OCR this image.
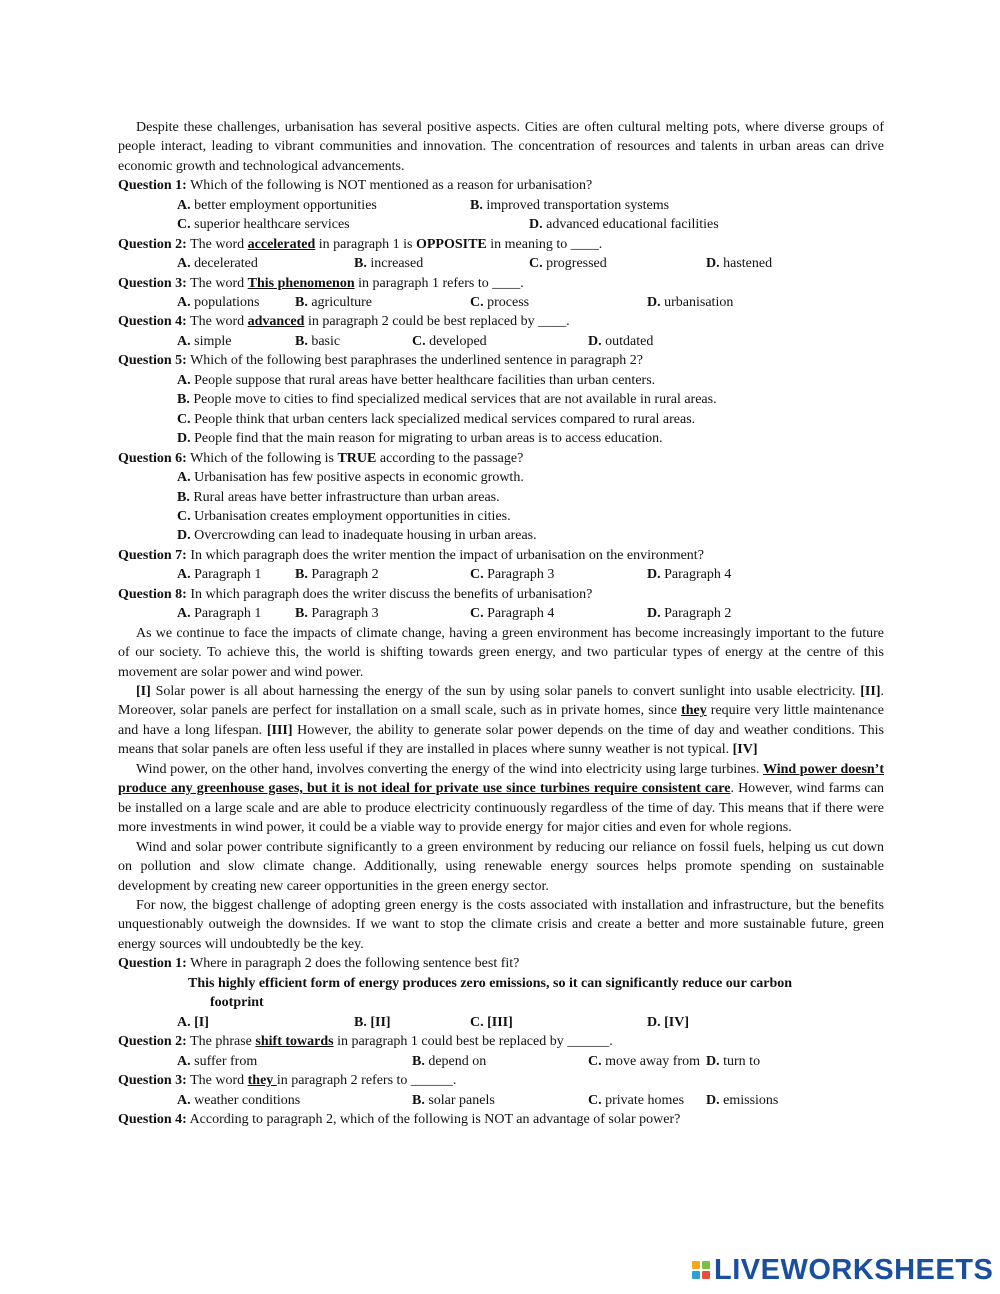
Despite these challenges, urbanisation has several positive aspects. Cities are often cultural melting pots, where diverse groups of people interact, leading to vibrant communities and innovation. The concentration of resources and talents in urban areas can drive economic growth and technological advancements.

Question 1: Which of the following is NOT mentioned as a reason for urbanisation?

A. better employment opportunities	B. improved transportation systems
C. superior healthcare services	D. advanced educational facilities

Question 2: The word accelerated in paragraph 1 is OPPOSITE in meaning to ____.

A. decelerated	B. increased	C. progressed	D. hastened

Question 3: The word This phenomenon in paragraph 1 refers to ____.

A. populations	B. agriculture	C. process	D. urbanisation

Question 4: The word advanced in paragraph 2 could be best replaced by ____.

A. simple	B. basic	C. developed	D. outdated

Question 5: Which of the following best paraphrases the underlined sentence in paragraph 2?

A. People suppose that rural areas have better healthcare facilities than urban centers.

B. People move to cities to find specialized medical services that are not available in rural areas.

C. People think that urban centers lack specialized medical services compared to rural areas.

D. People find that the main reason for migrating to urban areas is to access education.

Question 6: Which of the following is TRUE according to the passage?

A. Urbanisation has few positive aspects in economic growth.

B. Rural areas have better infrastructure than urban areas.

C. Urbanisation creates employment opportunities in cities.

D. Overcrowding can lead to inadequate housing in urban areas.

Question 7: In which paragraph does the writer mention the impact of urbanisation on the environment?

A. Paragraph 1 B. Paragraph 2	C. Paragraph 3	D. Paragraph 4

Question 8: In which paragraph does the writer discuss the benefits of urbanisation?

A. Paragraph 1 B. Paragraph 3	C. Paragraph 4	D. Paragraph 2

As we continue to face the impacts of climate change, having a green environment has become increasingly important to the future of our society. To achieve this, the world is shifting towards green energy, and two particular types of energy at the centre of this movement are solar power and wind power.

[I] Solar power is all about harnessing the energy of the sun by using solar panels to convert sunlight into usable electricity. [II]. Moreover, solar panels are perfect for installation on a small scale, such as in private homes, since they require very little maintenance and have a long lifespan. [III] However, the ability to generate solar power depends on the time of day and weather conditions. This means that solar panels are often less useful if they are installed in places where sunny weather is not typical. [IV]

Wind power, on the other hand, involves converting the energy of the wind into electricity using large turbines. Wind power doesn’t produce any greenhouse gases, but it is not ideal for private use since turbines require consistent care. However, wind farms can be installed on a large scale and are able to produce electricity continuously regardless of the time of day. This means that if there were more investments in wind power, it could be a viable way to provide energy for major cities and even for whole regions.

Wind and solar power contribute significantly to a green environment by reducing our reliance on fossil fuels, helping us cut down on pollution and slow climate change. Additionally, using renewable energy sources helps promote spending on sustainable development by creating new career opportunities in the green energy sector.

For now, the biggest challenge of adopting green energy is the costs associated with installation and infrastructure, but the benefits unquestionably outweigh the downsides. If we want to stop the climate crisis and create a better and more sustainable future, green energy sources will undoubtedly be the key.

Question 1: Where in paragraph 2 does the following sentence best fit?

This highly efficient form of energy produces zero emissions, so it can significantly reduce our carbon
footprint

A. [I]	B. [II]	C. [III]	D. [IV]

Question 2: The phrase shift towards in paragraph 1 could best be replaced by ______.

A. suffer from	B. depend on	C. move away from D. turn to

Question 3: The word they in paragraph 2 refers to ______.

A. weather conditions	B. solar panels	C. private homes D. emissions

Question 4: According to paragraph 2, which of the following is NOT an advantage of solar power?

LIVEWORKSHEETS
